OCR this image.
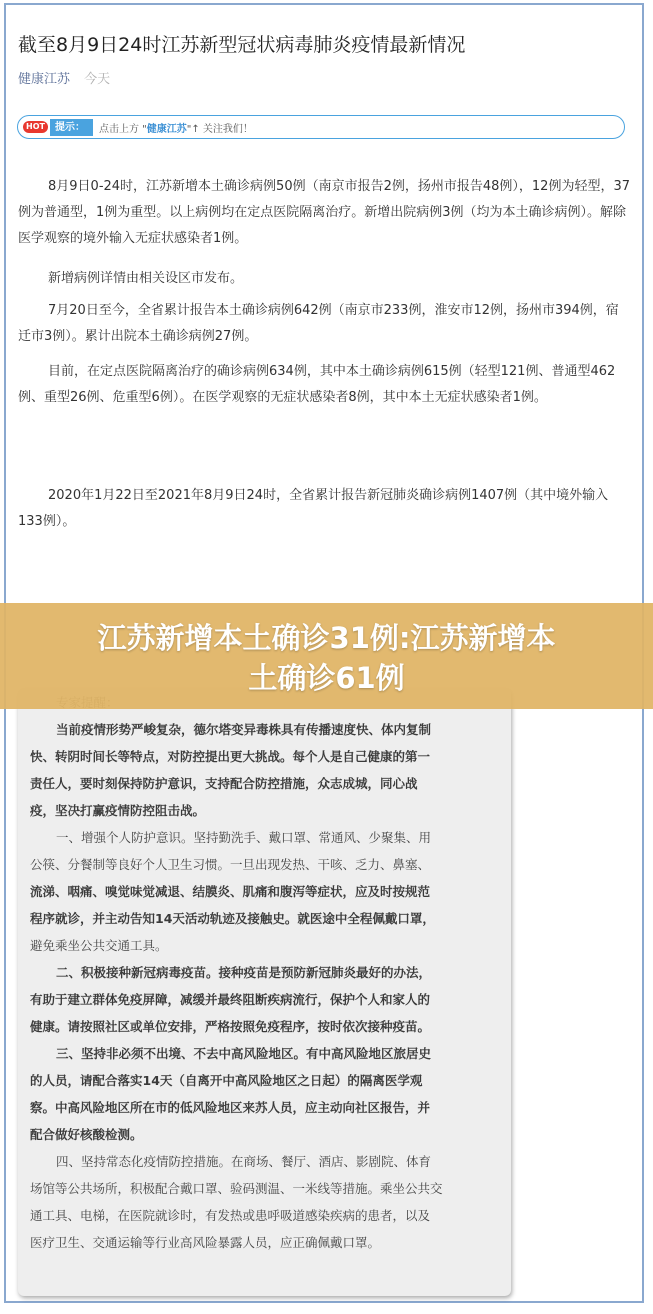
截至8月9日24时江苏新型冠状病毒肺炎疫情最新情况
健康江苏 今天
HOT	提示：	点击上方 "健康江苏"↑ 关注我们！

8月9日0-24时，江苏新增本土确诊病例50例（南京市报告2例，扬州市报告48例），12例为轻型，37例为普通型，1例为重型。以上病例均在定点医院隔离治疗。新增出院病例3例（均为本土确诊病例）。解除医学观察的境外输入无症状感染者1例。

新增病例详情由相关设区市发布。

7月20日至今，全省累计报告本土确诊病例642例（南京市233例，淮安市12例，扬州市394例，宿迁市3例）。累计出院本土确诊病例27例。

目前，在定点医院隔离治疗的确诊病例634例，其中本土确诊病例615例（轻型121例、普通型462例、重型26例、危重型6例）。在医学观察的无症状感染者8例，其中本土无症状感染者1例。

2020年1月22日至2021年8月9日24时，全省累计报告新冠肺炎确诊病例1407例（其中境外输入133例）。

当前疫情形势严峻复杂，德尔塔变异毒株具有传播速度快、体内复制
快、转阴时间长等特点，对防控提出更大挑战。每个人是自己健康的第一
责任人，要时刻保持防护意识，支持配合防控措施，众志成城，同心战
疫，坚决打赢疫情防控阻击战。
一、增强个人防护意识。坚持勤洗手、戴口罩、常通风、少聚集、用
公筷、分餐制等良好个人卫生习惯。一旦出现发热、干咳、乏力、鼻塞、
流涕、咽痛、嗅觉味觉减退、结膜炎、肌痛和腹泻等症状，应及时按规范
程序就诊，并主动告知14天活动轨迹及接触史。就医途中全程佩戴口罩，
避免乘坐公共交通工具。
二、积极接种新冠病毒疫苗。接种疫苗是预防新冠肺炎最好的办法，
有助于建立群体免疫屏障，减缓并最终阻断疾病流行，保护个人和家人的
健康。请按照社区或单位安排，严格按照免疫程序，按时依次接种疫苗。
三、坚持非必须不出境、不去中高风险地区。有中高风险地区旅居史
的人员，请配合落实14天（自离开中高风险地区之日起）的隔离医学观
察。中高风险地区所在市的低风险地区来苏人员，应主动向社区报告，并
配合做好核酸检测。
四、坚持常态化疫情防控措施。在商场、餐厅、酒店、影剧院、体育
场馆等公共场所，积极配合戴口罩、验码测温、一米线等措施。乘坐公共交
通工具、电梯，在医院就诊时，有发热或患呼吸道感染疾病的患者，以及
医疗卫生、交通运输等行业高风险暴露人员，应正确佩戴口罩。
江苏新增本土确诊31例:江苏新增本
土确诊61例
